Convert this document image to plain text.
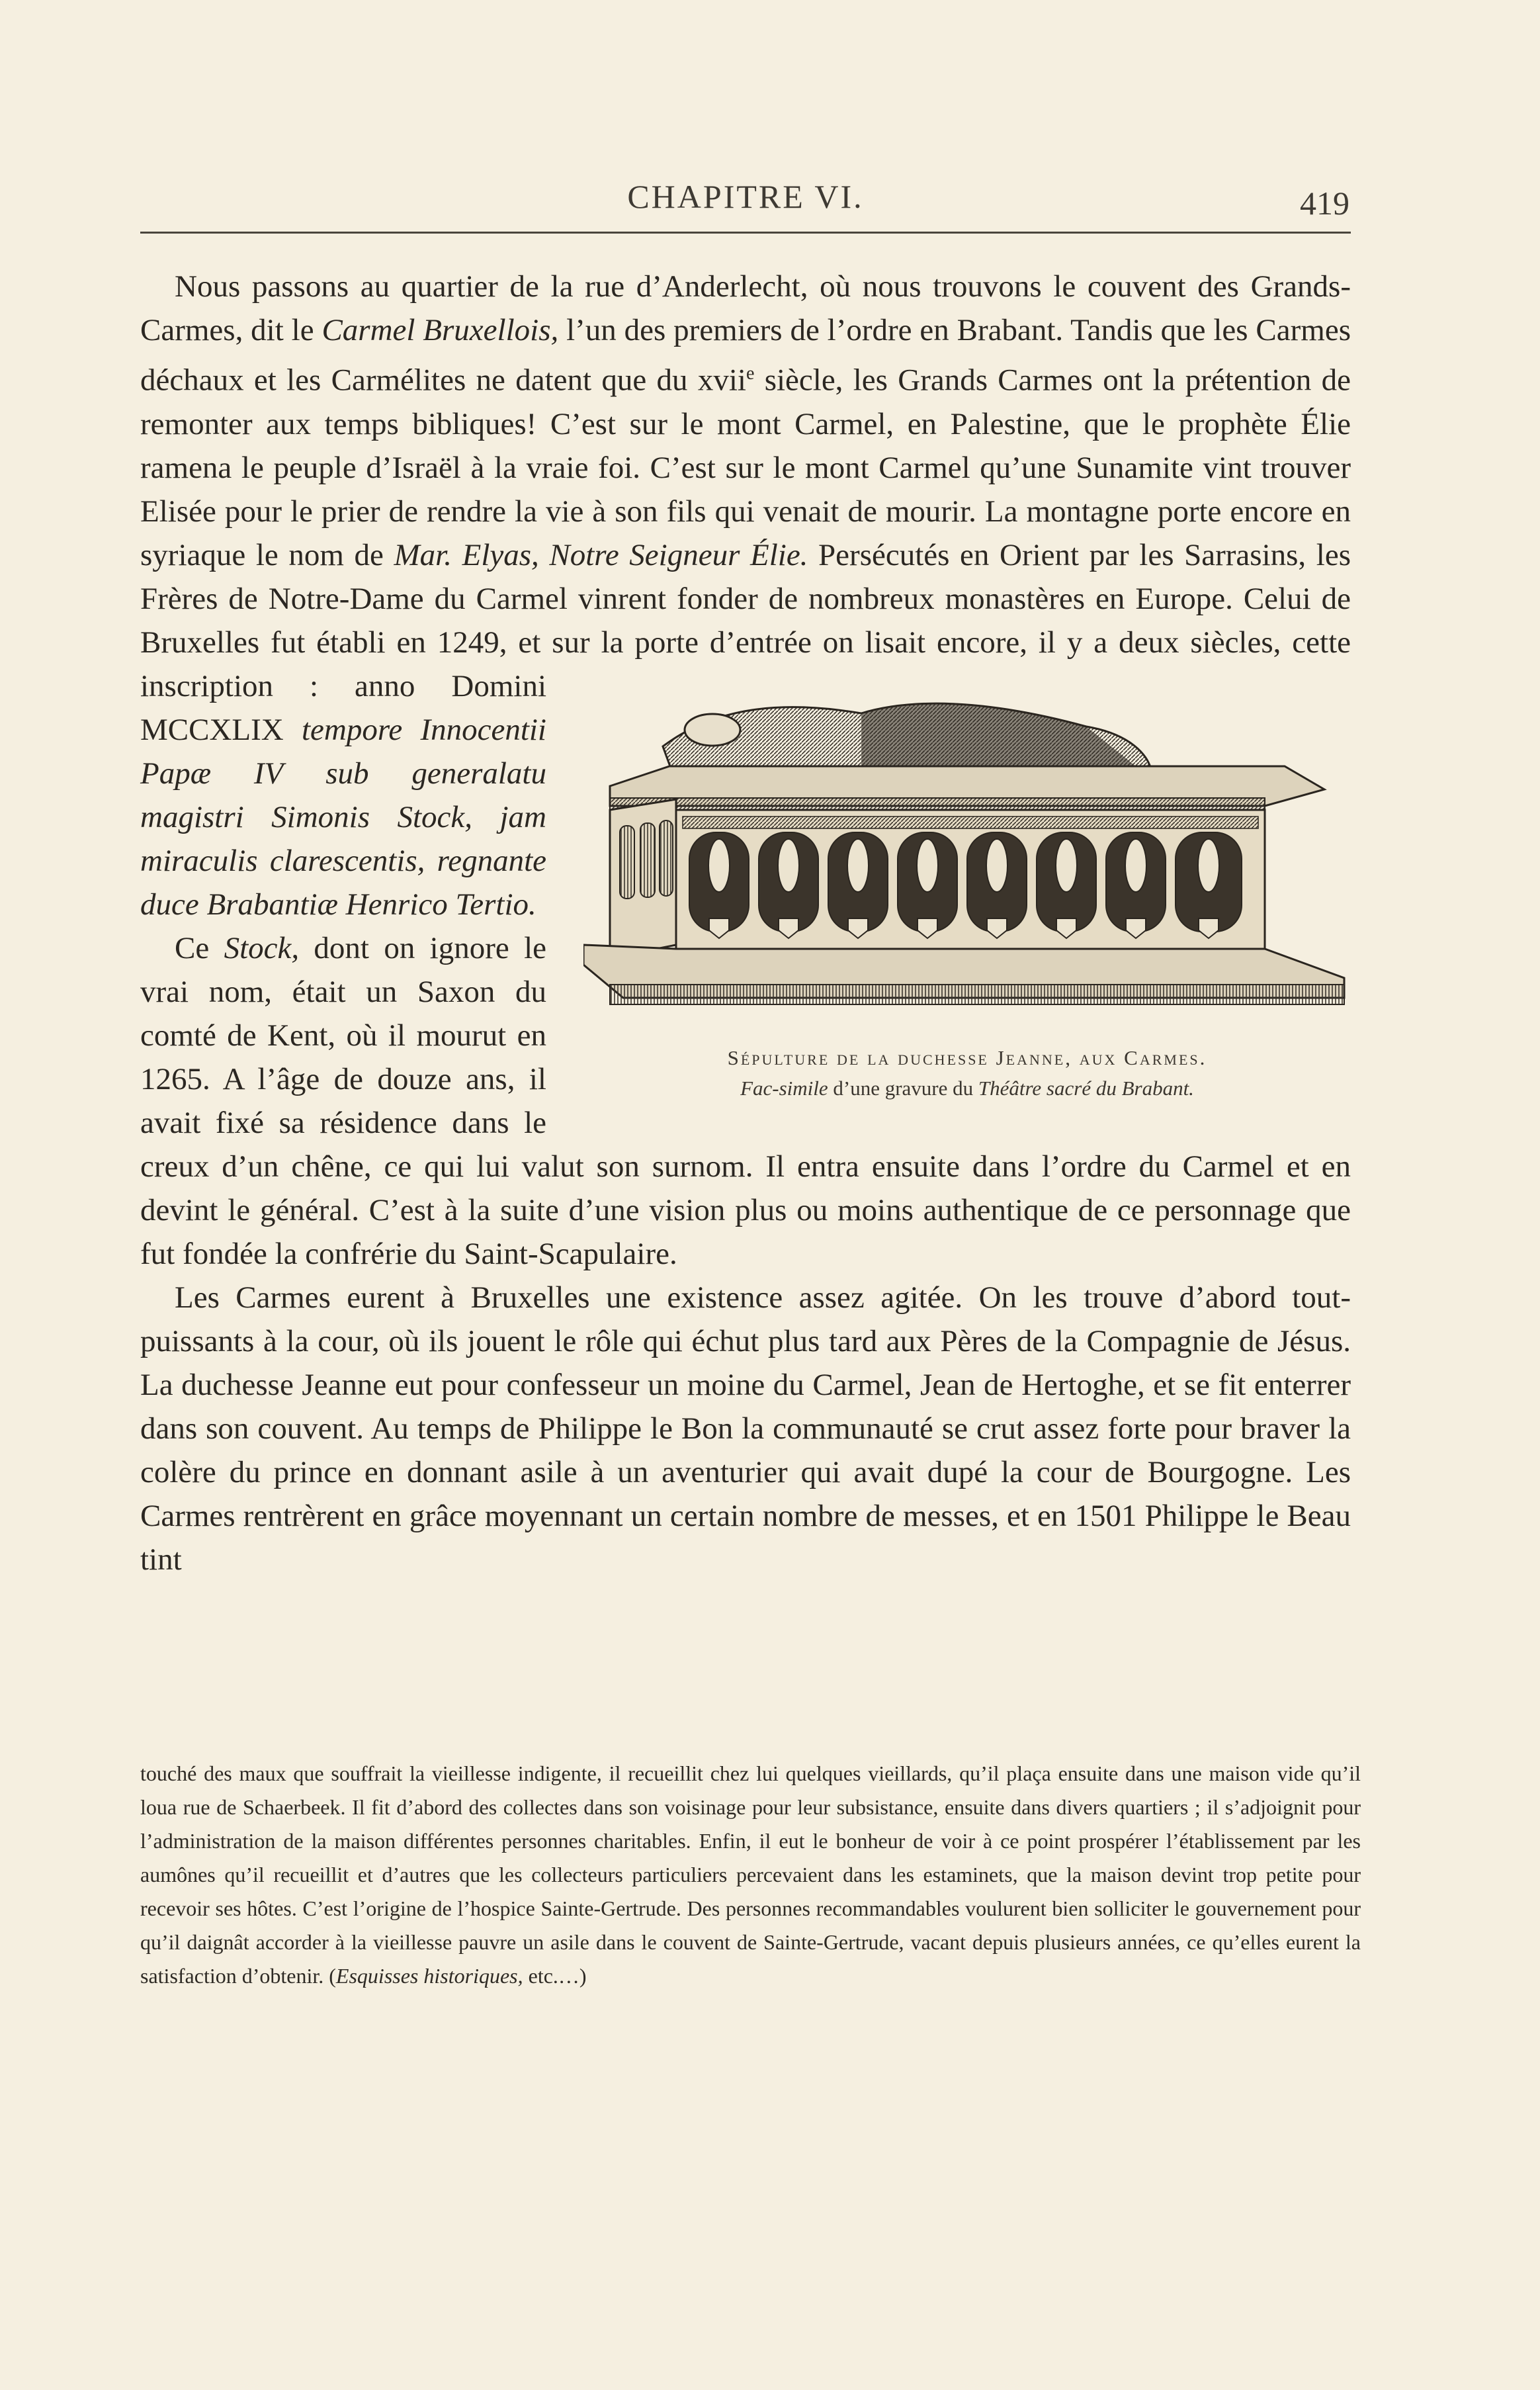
CHAPITRE VI.	419

Nous passons au quartier de la rue d’Anderlecht, où nous trouvons le couvent des Grands-Carmes, dit le Carmel Bruxellois, l’un des premiers de l’ordre en Brabant. Tandis que les Carmes déchaux et les Carmélites ne datent que du xvii$^e$ siècle, les Grands Carmes ont la prétention de remonter aux temps bibliques! C’est sur le mont Carmel, en Palestine, que le prophète Élie ramena le peuple d’Israël à la vraie foi. C’est sur le mont Carmel qu’une Sunamite vint trouver Elisée pour le prier de rendre la vie à son fils qui venait de mourir. La montagne porte encore en syriaque le nom de Mar. Elyas, Notre Seigneur Élie. Persécutés en Orient par les Sarrasins, les Frères de Notre-Dame du Carmel vinrent fonder de nombreux monastères en Europe. Celui de Bruxelles fut établi en 1249, et sur la porte d’entrée on lisait encore, il y a deux siècles, cette inscription :
Sépulture de la duchesse Jeanne, aux Carmes.
Fac-simile d’une gravure du Théâtre sacré du Brabant.
anno Domini MCCXLIX tempore Innocentii Papæ IV sub generalatu magistri Simonis Stock, jam miraculis clarescentis, regnante duce Brabantiæ Henrico Tertio.

Ce Stock, dont on ignore le vrai nom, était un Saxon du comté de Kent, où il mourut en 1265. A l’âge de douze ans, il avait fixé sa résidence dans le creux d’un chêne, ce qui lui valut son surnom. Il entra ensuite dans l’ordre du Carmel et en devint le général. C’est à la suite d’une vision plus ou moins authentique de ce personnage que fut fondée la confrérie du Saint-Scapulaire.

Les Carmes eurent à Bruxelles une existence assez agitée. On les trouve d’abord tout-puissants à la cour, où ils jouent le rôle qui échut plus tard aux Pères de la Compagnie de Jésus. La duchesse Jeanne eut pour confesseur un moine du Carmel, Jean de Hertoghe, et se fit enterrer dans son couvent. Au temps de Philippe le Bon la communauté se crut assez forte pour braver la colère du prince en donnant asile à un aventurier qui avait dupé la cour de Bourgogne. Les Carmes rentrèrent en grâce moyennant un certain nombre de messes, et en 1501 Philippe le Beau tint

touché des maux que souffrait la vieillesse indigente, il recueillit chez lui quelques vieillards, qu’il plaça ensuite dans une maison vide qu’il loua rue de Schaerbeek. Il fit d’abord des collectes dans son voisinage pour leur subsistance, ensuite dans divers quartiers ; il s’adjoignit pour l’administration de la maison différentes personnes charitables. Enfin, il eut le bonheur de voir à ce point prospérer l’établissement par les aumônes qu’il recueillit et d’autres que les collecteurs particuliers percevaient dans les estaminets, que la maison devint trop petite pour recevoir ses hôtes. C’est l’origine de l’hospice Sainte-Gertrude. Des personnes recommandables voulurent bien solliciter le gouvernement pour qu’il daignât accorder à la vieillesse pauvre un asile dans le couvent de Sainte-Gertrude, vacant depuis plusieurs années, ce qu’elles eurent la satisfaction d’obtenir. (Esquisses historiques, etc.…)
